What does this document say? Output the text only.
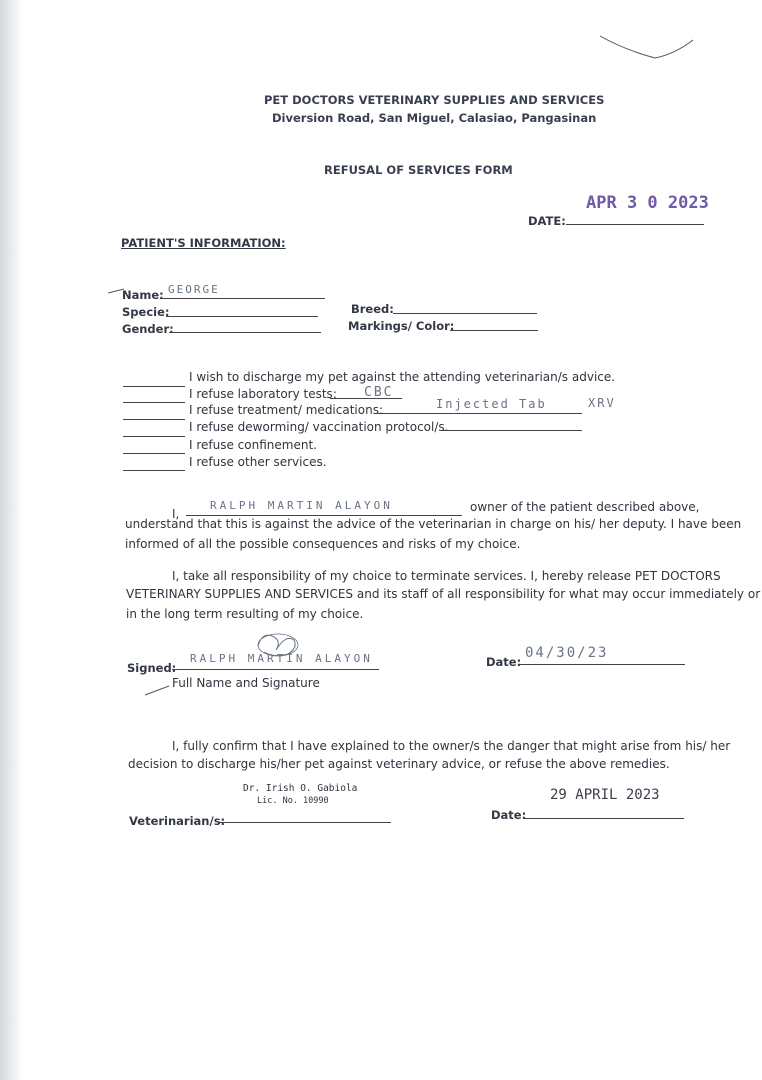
PET DOCTORS VETERINARY SUPPLIES AND SERVICES
Diversion Road, San Miguel, Calasiao, Pangasinan
REFUSAL OF SERVICES FORM
APR 3 0 2023
DATE:
PATIENT'S INFORMATION:
Name: GEORGE
Specie:
Gender:
Breed:
Markings/ Color:
I wish to discharge my pet against the attending veterinarian/s advice.
I refuse laboratory tests: CBC
I refuse treatment/ medications:	Injected Tab	XRV
I refuse deworming/ vaccination protocol/s.
I refuse confinement.
I refuse other services.
I,
RALPH MARTIN ALAYON	owner of the patient described above,
understand that this is against the advice of the veterinarian in charge on his/ her deputy. I have been
informed of all the possible consequences and risks of my choice.
I, take all responsibility of my choice to terminate services. I, hereby release PET DOCTORS
VETERINARY SUPPLIES AND SERVICES and its staff of all responsibility for what may occur immediately or
in the long term resulting of my choice.
Signed:
RALPH MARTIN ALAYON
Full Name and Signature
Date:
04/30/23
I, fully confirm that I have explained to the owner/s the danger that might arise from his/ her
decision to discharge his/her pet against veterinary advice, or refuse the above remedies.
Dr. Irish O. Gabiola
Lic. No. 10990
Veterinarian/s:	Date:
29 APRIL 2023
